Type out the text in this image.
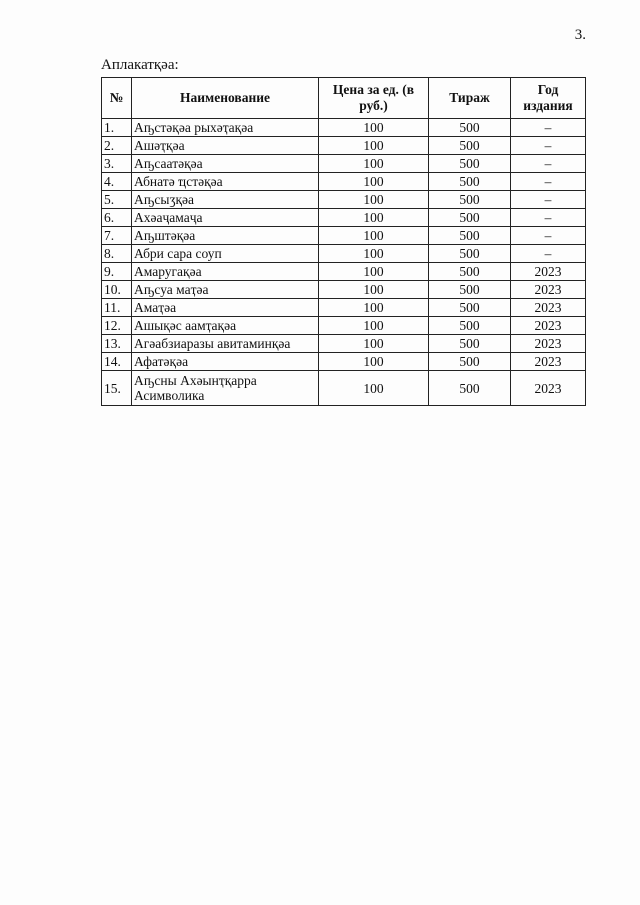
3.
Аплакатқәа:
№	Наименование	Цена за ед. (в руб.)	Тираж	Год издания
1.	Аҧстәқәа рыхәҭақәа	100	500	–
2.	Ашәҭқәа	100	500	–
3.	Аҧсаатәқәа	100	500	–
4.	Абнатә ҵстәқәа	100	500	–
5.	Аҧсыӡқәа	100	500	–
6.	Ахәаҷамаҷа	100	500	–
7.	Аҧштәқәа	100	500	–
8.	Абри сара соуп	100	500	–
9.	Амаругақәа	100	500	2023
10.	Аҧсуа маҭәа	100	500	2023
11.	Амаҭәа	100	500	2023
12.	Ашықәс аамҭақәа	100	500	2023
13.	Агәабзиаразы авитаминқәа	100	500	2023
14.	Афатәқәа	100	500	2023
15.	Аҧсны Ахәынҭқарра Асимволика	100	500	2023
